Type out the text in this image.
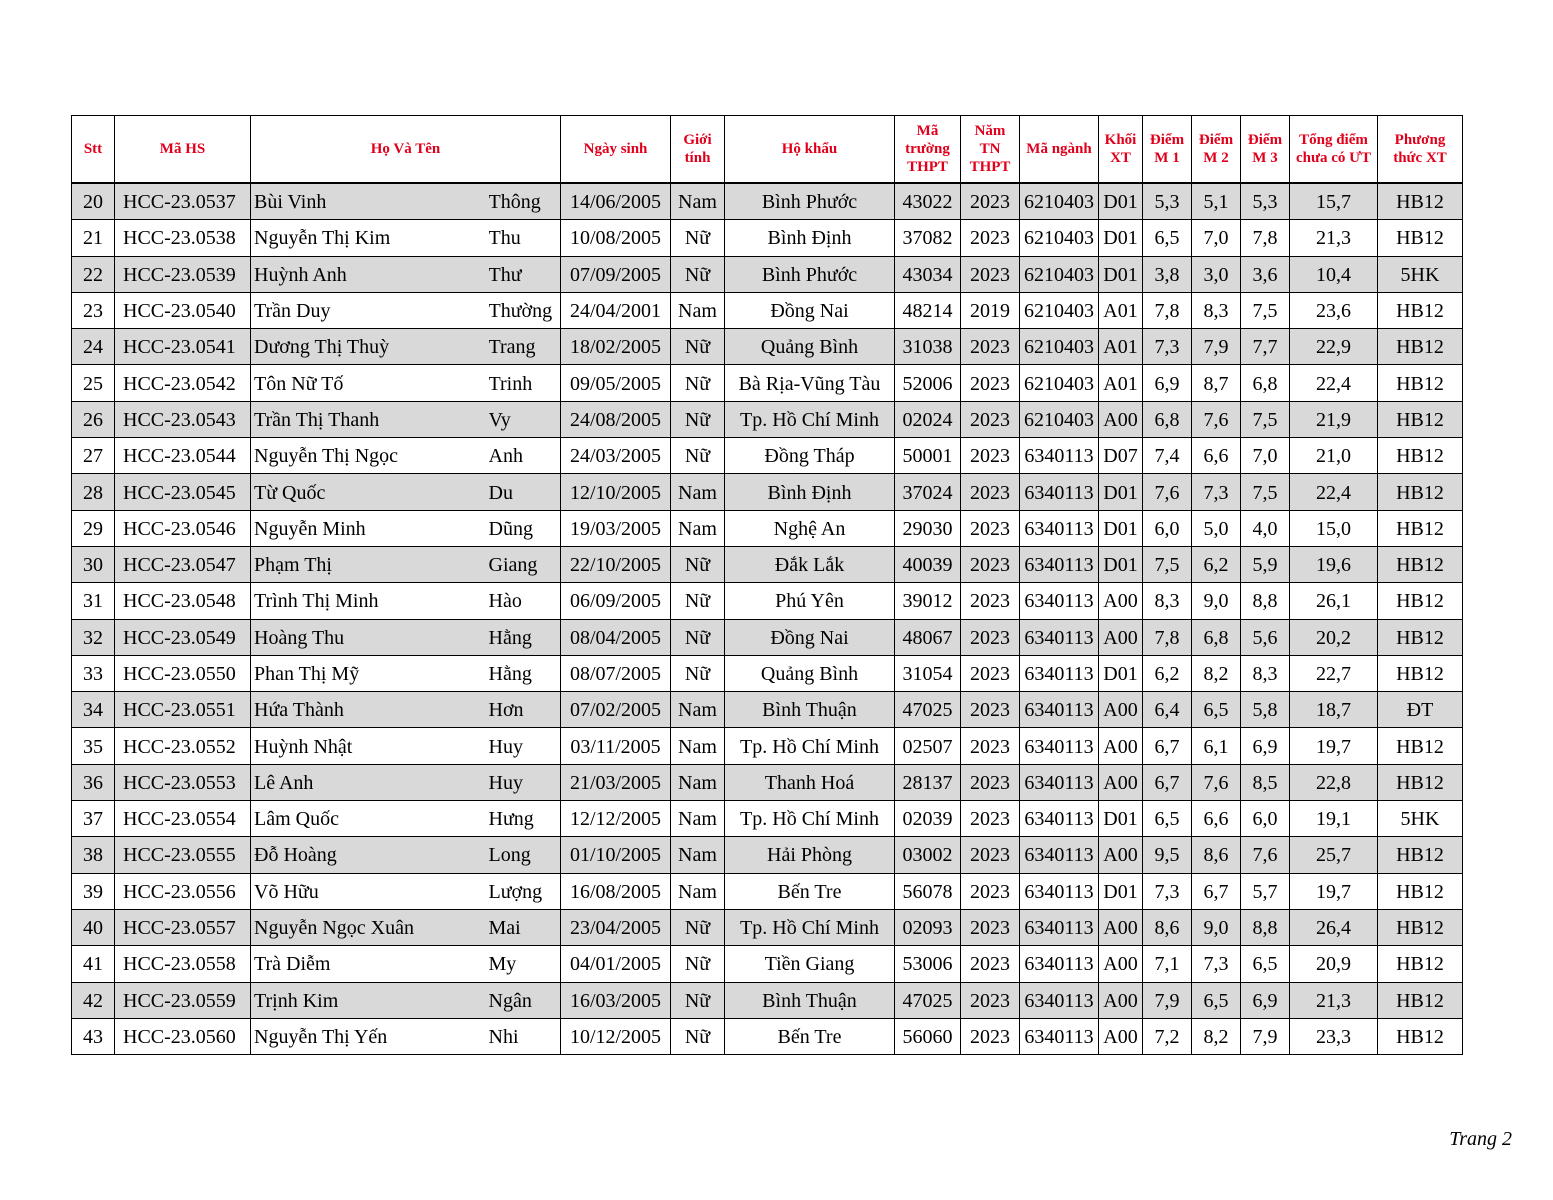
Stt	Mã HS	Họ Và Tên		Ngày sinh	Giới tính	Hộ khẩu	Mã trường THPT	Năm TN THPT	Mã ngành	Khối XT	Điểm M 1	Điểm M 2	Điểm M 3	Tổng điểm chưa có ƯT	Phương thức XT
20	HCC-23.0537	Bùi Vinh	Thông	14/06/2005	Nam	Bình Phước	43022	2023	6210403	D01	5,3	5,1	5,3	15,7	HB12
21	HCC-23.0538	Nguyễn Thị Kim	Thu	10/08/2005	Nữ	Bình Định	37082	2023	6210403	D01	6,5	7,0	7,8	21,3	HB12
22	HCC-23.0539	Huỳnh Anh	Thư	07/09/2005	Nữ	Bình Phước	43034	2023	6210403	D01	3,8	3,0	3,6	10,4	5HK
23	HCC-23.0540	Trần Duy	Thường	24/04/2001	Nam	Đồng Nai	48214	2019	6210403	A01	7,8	8,3	7,5	23,6	HB12
24	HCC-23.0541	Dương Thị Thuỳ	Trang	18/02/2005	Nữ	Quảng Bình	31038	2023	6210403	A01	7,3	7,9	7,7	22,9	HB12
25	HCC-23.0542	Tôn Nữ Tố	Trinh	09/05/2005	Nữ	Bà Rịa-Vũng Tàu	52006	2023	6210403	A01	6,9	8,7	6,8	22,4	HB12
26	HCC-23.0543	Trần Thị Thanh	Vy	24/08/2005	Nữ	Tp. Hồ Chí Minh	02024	2023	6210403	A00	6,8	7,6	7,5	21,9	HB12
27	HCC-23.0544	Nguyễn Thị Ngọc	Anh	24/03/2005	Nữ	Đồng Tháp	50001	2023	6340113	D07	7,4	6,6	7,0	21,0	HB12
28	HCC-23.0545	Từ Quốc	Du	12/10/2005	Nam	Bình Định	37024	2023	6340113	D01	7,6	7,3	7,5	22,4	HB12
29	HCC-23.0546	Nguyễn Minh	Dũng	19/03/2005	Nam	Nghệ An	29030	2023	6340113	D01	6,0	5,0	4,0	15,0	HB12
30	HCC-23.0547	Phạm Thị	Giang	22/10/2005	Nữ	Đắk Lắk	40039	2023	6340113	D01	7,5	6,2	5,9	19,6	HB12
31	HCC-23.0548	Trình Thị Minh	Hào	06/09/2005	Nữ	Phú Yên	39012	2023	6340113	A00	8,3	9,0	8,8	26,1	HB12
32	HCC-23.0549	Hoàng Thu	Hằng	08/04/2005	Nữ	Đồng Nai	48067	2023	6340113	A00	7,8	6,8	5,6	20,2	HB12
33	HCC-23.0550	Phan Thị Mỹ	Hằng	08/07/2005	Nữ	Quảng Bình	31054	2023	6340113	D01	6,2	8,2	8,3	22,7	HB12
34	HCC-23.0551	Hứa Thành	Hơn	07/02/2005	Nam	Bình Thuận	47025	2023	6340113	A00	6,4	6,5	5,8	18,7	ĐT
35	HCC-23.0552	Huỳnh Nhật	Huy	03/11/2005	Nam	Tp. Hồ Chí Minh	02507	2023	6340113	A00	6,7	6,1	6,9	19,7	HB12
36	HCC-23.0553	Lê Anh	Huy	21/03/2005	Nam	Thanh Hoá	28137	2023	6340113	A00	6,7	7,6	8,5	22,8	HB12
37	HCC-23.0554	Lâm Quốc	Hưng	12/12/2005	Nam	Tp. Hồ Chí Minh	02039	2023	6340113	D01	6,5	6,6	6,0	19,1	5HK
38	HCC-23.0555	Đỗ Hoàng	Long	01/10/2005	Nam	Hải Phòng	03002	2023	6340113	A00	9,5	8,6	7,6	25,7	HB12
39	HCC-23.0556	Võ Hữu	Lượng	16/08/2005	Nam	Bến Tre	56078	2023	6340113	D01	7,3	6,7	5,7	19,7	HB12
40	HCC-23.0557	Nguyễn Ngọc Xuân	Mai	23/04/2005	Nữ	Tp. Hồ Chí Minh	02093	2023	6340113	A00	8,6	9,0	8,8	26,4	HB12
41	HCC-23.0558	Trà Diễm	My	04/01/2005	Nữ	Tiền Giang	53006	2023	6340113	A00	7,1	7,3	6,5	20,9	HB12
42	HCC-23.0559	Trịnh Kim	Ngân	16/03/2005	Nữ	Bình Thuận	47025	2023	6340113	A00	7,9	6,5	6,9	21,3	HB12
43	HCC-23.0560	Nguyễn Thị Yến	Nhi	10/12/2005	Nữ	Bến Tre	56060	2023	6340113	A00	7,2	8,2	7,9	23,3	HB12
Trang 2
